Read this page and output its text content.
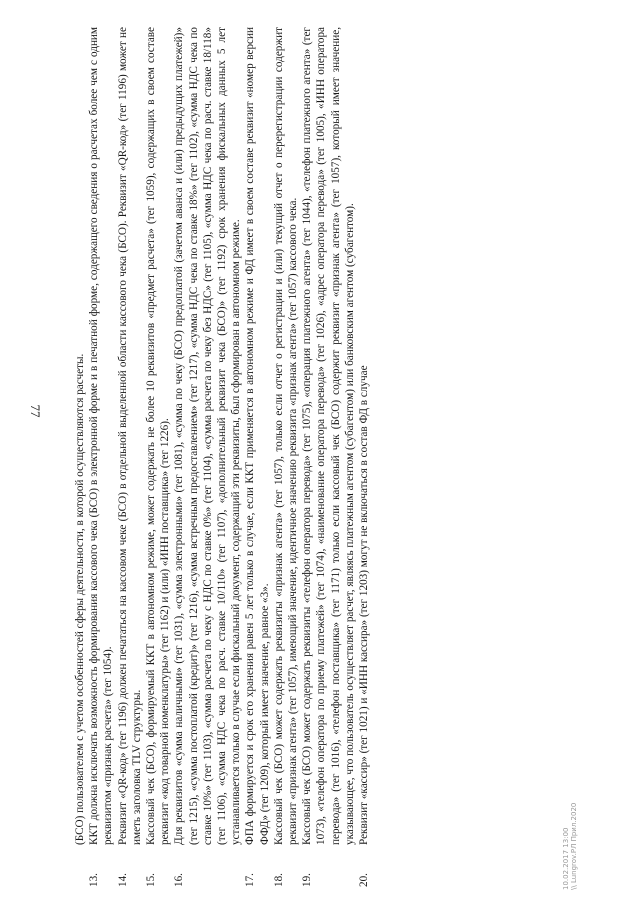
77	(БСО) пользователем с учетом особенностей сферы деятельности, в которой осуществляются расчеты.
13.
ККТ должна исключать возможность формирования кассового чека (БСО) в электронной форме и в печатной форме, содержащего сведения о расчетах более чем с одним реквизитом «признак расчета» (тег 1054).
14.
Реквизит «QR-код» (тег 1196) должен печататься на кассовом чеке (БСО) в отдельной выделенной области кассового чека (БСО). Реквизит «QR-код» (тег 1196) может не иметь заголовка TLV структуры.
15.
Кассовый чек (БСО), формируемый ККТ в автономном режиме, может содержать не более 10 реквизитов «предмет расчета» (тег 1059), содержащих в своем составе реквизит «код товарной номенклатуры» (тег 1162) и (или) «ИНН поставщика» (тег 1226).
16.
Для реквизитов «сумма наличными» (тег 1031), «сумма электронными» (тег 1081), «сумма по чеку (БСО) предоплатой (зачетом аванса и (или) предыдущих платежей)» (тег 1215), «сумма постоплатой (кредит)» (тег 1216), «сумма встречным предоставлением» (тег 1217), «сумма НДС чека по ставке 18%» (тег 1102), «сумма НДС чека по ставке 10%» (тег 1103), «сумма расчета по чеку с НДС по ставке 0%» (тег 1104), «сумма расчета по чеку без НДС» (тег 1105), «сумма НДС чека по расч. ставке 18/118» (тег 1106), «сумма НДС чека по расч. ставке 10/110» (тег 1107), «дополнительный реквизит чека (БСО)» (тег 1192) срок хранения фискальных данных 5 лет устанавливается только в случае если фискальный документ, содержащий эти реквизиты, был сформирован в автономном режиме.
17.
ФПА формируется и срок его хранения равен 5 лет только в случае, если ККТ применяется в автономном режиме и ФД имеет в своем составе реквизит «номер версии ФФД» (тег 1209), который имеет значение, равное «3».
18.
Кассовый чек (БСО) может содержать реквизиты «признак агента» (тег 1057), только если отчет о регистрации и (или) текущий отчет о перерегистрации содержит реквизит «признак агента» (тег 1057), имеющий значение, идентичное значению реквизита «признак агента» (тег 1057) кассового чека.
19.
Кассовый чек (БСО) может содержать реквизиты «телефон оператора перевода» (тег 1075), «операция платежного агента» (тег 1044), «телефон платежного агента» (тег 1073), «телефон оператора по приему платежей» (тег 1074), «наименование оператора перевода» (тег 1026), «адрес оператора перевода» (тег 1005), «ИНН оператора перевода» (тег 1016), «телефон поставщика» (тег 1171) только если кассовый чек (БСО) содержит реквизит «признак агента» (тег 1057), который имеет значение, указывающее, что пользователь осуществляет расчет, являясь платежным агентом (субагентом) или банковским агентом (субагентом).
20.
Реквизит «кассир» (тег 1021) и «ИНН кассира» (тег 1203) могут не включаться в состав ФД в случае
10.02.2017 13:00 \\ Lungrov.РЛ Прил.2020
